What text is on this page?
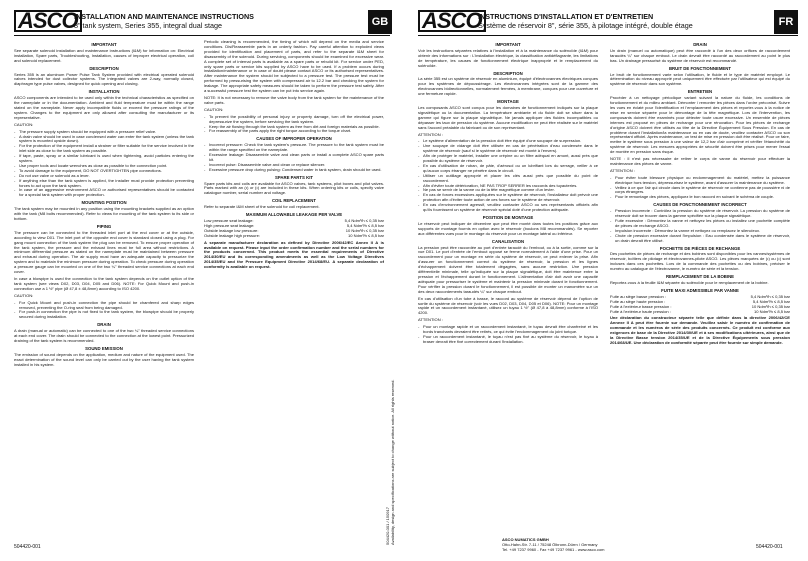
ASCO
INSTALLATION AND MAINTENANCE INSTRUCTIONS
8" tank system, Series 355, integral dual stage	GB
IMPORTANT

See separate solenoid installation and maintenance instructions (I&M) for information on: Electrical installation, Spare parts, Troubleshooting, Installation, causes of improper electrical operation, coil and solenoid replacement.

DESCRIPTION

Series 355 is an aluminum Power Pulse Tank System provided with electrical operated solenoid valves intended for dust collector systems. The integrated valves are 2-way, normally closed, diaphragm type pulse valves, designed for quick opening and closing.

INSTALLATION

ASCO components are intended to be used only within the technical characteristics as specified on the nameplate or in the documentation. Ambient and fluid temperature must be within the range stated on the nameplate. Never apply incompatible fluids or exceed the pressure ratings of the system. Changes to the equipment are only allowed after consulting the manufacturer or its representative.

CAUTION:

- The pressure supply system should be equipped with a pressure relief valve.
- A drain valve should be used in case condensed water can enter the tank system (unless the tank system is mounted upside down).
- For the protection of the equipment install a strainer or filter suitable for the service involved in the inlet side as close to the tank system as possible.
- If tape, paste, spray or a similar lubricant is used when tightening, avoid particles entering the system.
- Use proper tools and locate wrenches as close as possible to the connection point.
- To avoid damage to the equipment, DO NOT OVERTIGHTEN pipe connections.
- Do not use valve or solenoid as a lever.
- If anything else than the tank system is applied, the installer must provide protection preventing forces to act upon the tank system.
- In case of an aggressive environment ASCO or authorised representatives should be contacted for a special tank system with proper protection.
MOUNTING POSITION

The tank system may be mounted in any position using the mounting brackets supplied as an option with the tank (M8 bolts recommended). Refer to views for mounting of the tank system to its side or bottom.

PIPING

The pressure can be connected to the threaded inlet port at the end cover or at the outside, according to view D01. The inlet port of the opposite end cover is standard closed using a plug. For gang mount connection of the tank system the plug can be removed. To ensure proper operation of the tank system, the pressure and the exhaust lines must be full area without restrictions. A minimum differential pressure as stated on the nameplate must be maintained between pressure and exhaust during operation. The air supply must have an adequate capacity to pressurize the system and to maintain the minimum pressure during operation. To check pressure during operation a pressure gauge can be mounted on one of the two ¼" threaded service connections at each end cover.

In case a blowpipe is used the connection to the tank system depends on the outlet option of the tank system (see views D02, D03, D04, D05 and D06). NOTE: For Quick Mount and push-in connection use a 1 ½" pipe (Ø 47,8 ± 48,8mm) according to ISO 4200.

CAUTION:

- For Quick Mount and push-in connection the pipe should be chamfered and sharp edges removed, preventing the O-ring seal from being damaged.
- For push-in connection the pipe is not fixed to the tank system, the blowpipe should be properly secured during installation.
DRAIN

A drain (manual or automatic) can be connected to one of the two ¼" threaded service connections at each end cover. The drain should be connected to the connection at the lowest point. Pressurized draining of the tank system is recommended.

SOUND EMISSION

The emission of sound depends on the application, medium and nature of the equipment used. The exact determination of the sound level can only be carried out by the user having the tank system installed in his system.

Periodic cleaning is recommended, the timing of which will depend on the media and service conditions. Dis/Reassemble parts in an orderly fashion. Pay careful attention to exploded views provided for identification and placement of parts, and refer to the separate I&M sheet for disassembly of the solenoid. During servicing, components should be examined for excessive wear. A complete set of internal parts is available as a spare parts or rebuild kit. For service under PED, only spare parts or service kits supplied by ASCO have to be used. If a problem occurs during installation/maintenance or in case of doubt please contact ASCO or its authorised representatives. After maintenance the system should be subjected to a pressure test. The pressure test must be performed by pressurising the system with compressed air to 12.2 bar and checking the system for leakage. The appropriate safety measures should be taken to perform the pressure test safely. After a successful pressure test the system can be put into service again.

NOTE: It is not necessary to remove the valve body from the tank system for the maintenance of the valve parts.

CAUTION:

- To prevent the possibility of personal injury or property damage, turn off the electrical power, depressurize the system, before servicing the tank system.
- Keep the air flowing through the tank system as free from dirt and foreign materials as possible.
- For reassembly of the parts apply the right torque according to the torque chart.
CAUSES OF IMPROPER OPERATION
- Incorrect pressure: Check the tank system's pressure. The pressure to the tank system must be within the range specified on the nameplate.
- Excessive leakage: Disassemble valve and clean parts or install a complete ASCO spare parts kit.
- Incorrect pulse: Disassemble valve and clean or replace silencer.
- Excessive pressure drop during pulsing: Condensed water in tank system, drain should be used.
SPARE PARTS KIT

Spare parts kits and coils are available for ASCO valves, tank systems, pilot boxes and pilot valves. Parts marked with an (•) or (•) are included in these kits. When ordering kits or coils, specify valve catalogue number, serial number and voltage.

COIL REPLACEMENT

Refer to separate I&M sheet of the solenoid for coil replacement.

MAXIMUM ALLOWABLE LEAKAGE PER VALVE
Low pressure seat leakage:	5,4 Ndm³/h ≤ 0,35 bar
High pressure seat leakage:	5,4 Ndm³/h ≤ 8,5 bar
Outside leakage low pressure:	10 Ndm³/h ≤ 0,35 bar
Outside leakage high pressure:	10 Ndm³/h ≤ 8,5 bar

A separate manufacturer declaration as defined by Directive 2006/42/EC Annex II A is available on request. Please input the order confirmation number and the serial numbers for the products concerned. This product meets the essential requirements of Directive 2014/30/EU and its corresponding amendments as well as the Low Voltage Directives 2014/35/EU and the Pressure Equipment Directive 2014/68/EU. A separate declaration of conformity is available on request.

504420-001
504420-001 / 150917
Availability, design and specifications are subject to change without notice. All rights reserved.
ASCO
INSTRUCTIONS D'INSTALLATION ET D'ENTRETIEN
Système de réservoir 8", série 355, à pilotage intégré, double étage	FR
IMPORTANT

Voir les instructions séparées relatives à l'installation et à la maintenance du solénoïde (I&M) pour obtenir des informations sur : L'installation électrique, la classification antidéflagrante, les limitations de température, les causes de fonctionnement électrique inapproprié et le remplacement du solénoïde.

DESCRIPTION

La série 355 est un système de réservoir en aluminium, équipé d'électrovannes électriques conçues pour les systèmes de dépoussiérage. Les électrovannes intégrées sont de la gamme des électrovannes bidirectionnelles, normalement fermées, à membrane, conçues pour une ouverture et une fermeture rapide.

MONTAGE

Les composants ASCO sont conçus pour les domaines de fonctionnement indiqués sur la plaque signalétique ou la documentation. La température ambiante et du fluide doit se situer dans la gamme qui figure sur la plaque signalétique. Ne jamais appliquer des fluides incompatibles ou dépasser les taux de pression du système. Aucune modification ne peut être réalisée sur le matériel sans l'accord préalable du fabricant ou de son représentant.

ATTENTION :

- Le système d'alimentation de la pression doit être équipé d'une soupape de surpression.
- Une soupape de vidange doit être utilisée en cas de pénétration d'eau condensée dans le système de réservoir (sauf si le système de réservoir est monté à l'envers).
- Afin de protéger le matériel, installer une crépine ou un filtre adéquat en amont, aussi près que possible du système de réservoir.
- En cas d'utilisation de ruban, de pâte, d'aérosol ou un lubrifiant lors du serrage, veiller à ce qu'aucun corps étranger ne pénètre dans le circuit.
- Utiliser un outillage approprié et placer les clés aussi près que possible du point de raccordement.
- Afin d'éviter toute détérioration, NE PAS TROP SERRER les raccords des tuyauteries.
- Ne pas se servir de la vanne ou de la tête magnétique comme d'un levier.
- En cas de forces excessives appliquées sur le système de réservoir, l'installateur doit prévoir une protection afin d'éviter toute action de ces forces sur le système de réservoir.
- En cas d'environnement agressif, veuillez contacter ASCO ou ses représentants officiels afin qu'ils fournissent un système de réservoir spécial doté d'une protection adéquate.
POSITION DE MONTAGE

Le réservoir peut indiquer de décembre que peut être monté dans toutes les positions grâce aux supports de montage fournis en option avec le réservoir (boulons M8 recommandés). Se reporter aux différentes vues pour le montage du réservoir pour un montage latéral ou inférieur.

CANALISATION

La pression peut être raccordée au port d'entrée taraudé du l'embout, ou à la sortie, comme sur la vue D01. Le port d'entrée de l'embout opposé se ferme normalement à l'aide d'une prise. Pour un raccordement pour un montage en série du système de réservoir, ce peut enlever la prise. Afin d'assurer un fonctionnement correct du système de réservoir, la pression et les lignes d'échappement doivent être totalement dégagées, sans aucune restriction. Une pression différentielle minimale, telle qu'indiquée sur la plaque signalétique, doit être maintenue entre la pression et l'échappement durant le fonctionnement. L'alimentation d'air doit avoir une capacité adéquate pour pressuriser le système et maintenir la pression minimale durant le fonctionnement. Pour vérifier la pression durant le fonctionnement, il est possible de monter un manomètre sur un des deux raccordements taraudés ¼" sur chaque embout.

En cas d'utilisation d'un tube à basse, le raccord au système de réservoir dépend de l'option de sortie du système de réservoir (voir les vues D02, D03, D04, D05 et D06). NOTE: Pour un montage rapide et un raccordement instantané, utilisez un tuyau 1 ½" (Ø 47,8 à 48,8mm) conforme à l'ISO 4200.

ATTENTION :

- Pour un montage rapide et un raccordement instantané, le tuyau devrait être chanfreiné et les bords tranchants devraient être retirés, ce qui évite l'endommagement du joint torique.
- Pour un raccordement instantané, le tuyau n'est pas fixé au système du réservoir, le tuyau à braser devrait être fixé correctement durant l'installation.
DRAIN

Un drain (manuel ou automatique) peut être raccordé à l'un des deux orifices de raccordement taraudés ¼" sur chaque embout. Le drain devrait être raccordé au raccordement au point le plus bas. Un drainage pressurisé du système de réservoir est recommandé.

BRUIT DE FONCTIONNEMENT

Le bruit de fonctionnement varie selon l'utilisation, le fluide et le type de matériel employé. Le détermination du niveau approprié peut uniquement être effectuée par l'utilisateur qui est équipé du système de réservoir dans son système.

ENTRETIEN

Procéder à un nettoyage périodique variant suivant la nature du fluide, les conditions de fonctionnement et du milieu ambiant. Démonter / remonter les pièces dans l'ordre préconisé. Suivre les vues en éclaté pour l'identification et l'emplacement des pièces et reporter-vous à la notice de mise en service séparée pour le démontage de la tête magnétique. Lors de l'intervention, les composants doivent être examinés pour détecter toute usure excessive. Un ensemble de pièces internes est proposé en pièces de rechange pour une rénovation. Pour les pièces de rechange d'origine ASCO doivent être utilisés au titre de la Directive Équipement Sous Pression. En cas de problème durant l'installation/la maintenance ou en cas de doute, veuillez contacter ASCO ou son représentant officiel. Après maintenance, un test de mise en pression doit être réalisé. Pour ce faire, mettre le système sous pression à une valeur de 12,2 bar d'air comprimé et vérifier l'étanchéité du système de réservoir. Les mesures appropriées de sécurité doivent être prises pour mener l'essai de montée en pression sans risque.

NOTE : Il n'est pas nécessaire de retirer le corps de vanne du réservoir pour effectuer la maintenance des pièces de vanne.

ATTENTION :

- Pour éviter toute blessure physique ou endommagement du matériel, mettez la puissance électrique hors tension, dépressurisez le système, avant d'assurer la maintenance du système.
- Veillez à ce que l'air qui circule dans le système de réservoir ne contienne pas de poussière ni de corps étrangers.
- Pour le remontage des pièces, appliquez le bon raccord en suivant le schéma de couple.
CAUSES DE FONCTIONNEMENT INCORRECT
- Pression incorrecte : Contrôlez la pression du système de réservoir. La pression du système de réservoir doit se trouver dans la gamme spécifiée sur la plaque signalétique.
- Fuite excessive : Démontez la vanne et nettoyez les pièces ou installez une pochette complète de pièces de rechange ASCO.
- Impulsion incorrecte : Démontez la vanne et nettoyez ou remplacez le silencieux.
- Chute de pression excessive durant l'impulsion : Eau condensée dans le système de réservoir, un drain devrait être utilisé.
POCHETTE DE PIÈCES DE RECHANGE

Des pochettes de pièces de rechange et des bobines sont disponibles pour les vannes/systèmes de réservoir, boîtiers de pilotage et électrovannes-pilote ASCO. Les pièces marquées de (•) ou (•) sont incluses dans ces pochettes. Lors de la commande des pochettes ou des bobines, préciser le numéro au catalogue de l'électrovanne, le numéro de série et la tension.

REMPLACEMENT DE LA BOBINE

Reportez-vous à la feuille I&M séparée du solénoïde pour le remplacement de la bobine.

FUITE MAXI ADMISSIBLE PAR VANNE
Fuite au siège basse pression :	5,4 Ndm³/h ≤ 0,35 bar
Fuite au siège haute pression :	5,4 Ndm³/h ≤ 8,5 bar
Fuite à l'extérieur basse pression :	10 Ndm³/h ≤ 0,35 bar
Fuite à l'extérieur haute pression :	10 Ndm³/h ≤ 8,5 bar

Une déclaration du constructeur séparée telle que définie dans la directive 2006/42/CE Annexe II A peut être fournie sur demande. Veuillez saisir le numéro de confirmation de commande et les numéros de série des produits concernés. Ce produit est conforme aux exigences de base de la Directive 2014/30/UE et à ses modifications ultérieures, ainsi que de la Directive Basse tension 2014/35/UE et de la Directive Équipements sous pression 2014/68/UE. Une déclaration de conformité séparée peut être fournie sur simple demande.

ASCO NUMATICS GMBH
Otto-Hahn-Str. 7-11 / 75248 Ölbronn-Dürrn / Germany
Tel. +49 7237 9960 - Fax +49 7237 9961 - www.asco.com	504420-001
